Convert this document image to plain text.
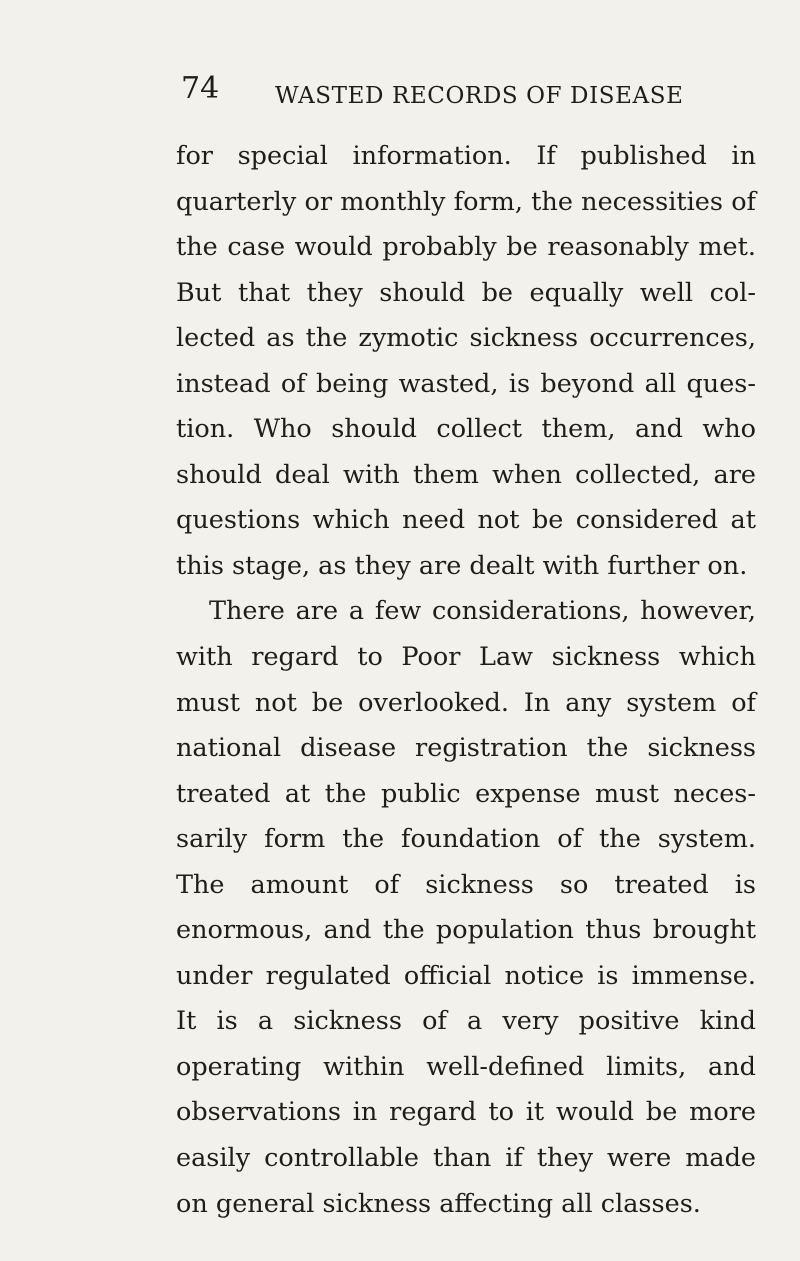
74 WASTED RECORDS OF DISEASE
for special information. If published in
quarterly or monthly form, the necessities of
the case would probably be reasonably met.
But that they should be equally well col-
lected as the zymotic sickness occurrences,
instead of being wasted, is beyond all ques-
tion. Who should collect them, and who
should deal with them when collected, are
questions which need not be considered at
this stage, as they are dealt with further on.
There are a few considerations, however,
with regard to Poor Law sickness which
must not be overlooked. In any system of
national disease registration the sickness
treated at the public expense must neces-
sarily form the foundation of the system.
The amount of sickness so treated is
enormous, and the population thus brought
under regulated official notice is immense.
It is a sickness of a very positive kind
operating within well-defined limits, and
observations in regard to it would be more
easily controllable than if they were made
on general sickness affecting all classes.
